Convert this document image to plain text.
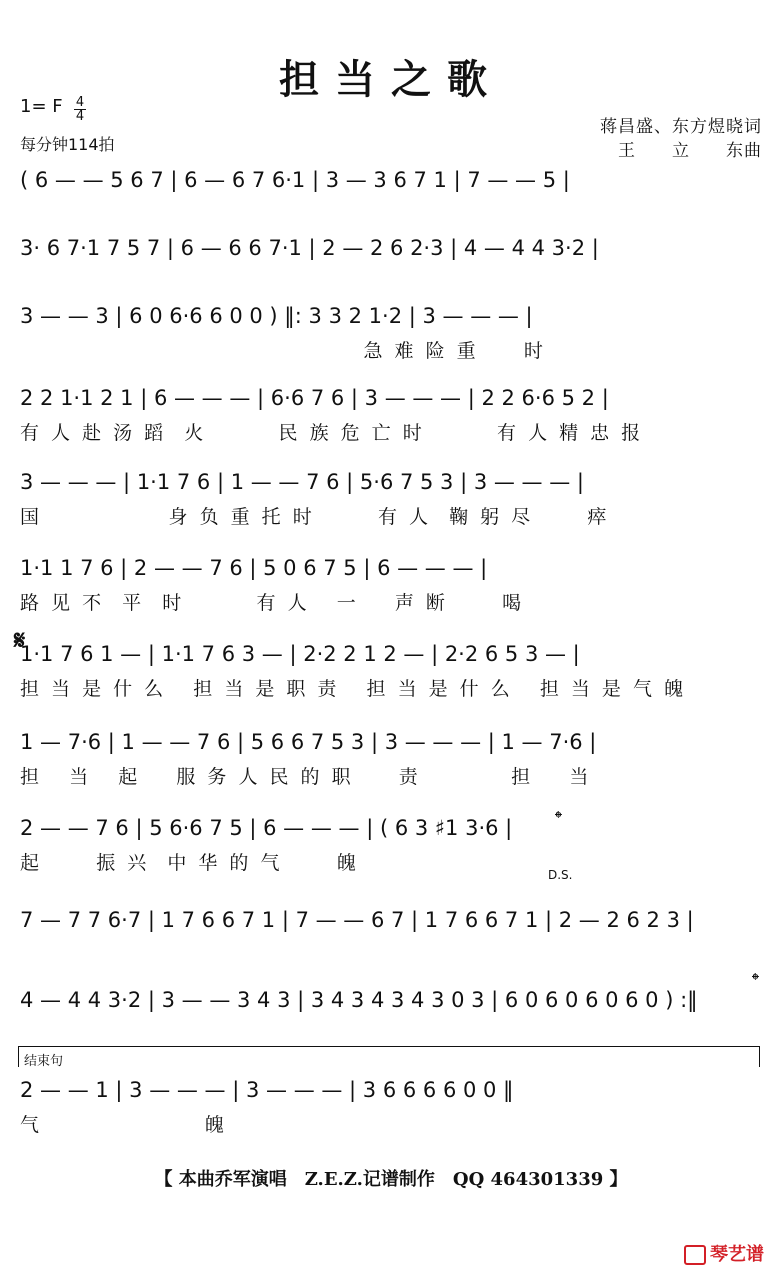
担当之歌
1= F 4
4
每分钟114拍
蒋昌盛、东方煜晓词
王　　立　　东曲
( 6 — — 5 6 7 | 6 — 6 7 6·1 | 3 — 3 6 7 1 | 7 — — 5 |
3· 6 7·1 7 5 7 | 6 — 6 6 7·1 | 2 — 2 6 2·3 | 4 — 4 4 3·2 |
3 — — 3 | 6 0 6·6 6 0 0 ) ‖: 3 3 2 1·2 | 3 — — — |
急 难 险 重     时
2 2 1·1 2 1 | 6 — — — | 6·6 7 6 | 3 — — — | 2 2 6·6 5 2 |
有 人 赴 汤 蹈  火        民 族 危 亡 时        有 人 精 忠 报
3 — — — | 1·1 7 6 | 1 — — 7 6 | 5·6 7 5 3 | 3 — — — |
国              身 负 重 托 时       有 人  鞠 躬 尽      瘁
1·1 1 7 6 | 2 — — 7 6 | 5 0 6 7 5 | 6 — — — |
路 见 不  平  时        有 人   一    声 断      喝
1·1 7 6 1 — | 1·1 7 6 3 — | 2·2 2 1 2 — | 2·2 6 5 3 — |
担 当 是 什 么   担 当 是 职 责   担 当 是 什 么   担 当 是 气 魄
1 — 7·6 | 1 — — 7 6 | 5 6 6 7 5 3 | 3 — — — | 1 — 7·6 |
担   当   起    服 务 人 民 的 职     责          担    当
2 — — 7 6 | 5 6·6 7 5 | 6 — — — | ( 6 3 ♯1 3·6 |
起      振 兴  中 华 的 气      魄
7 — 7 7 6·7 | 1 7 6 6 7 1 | 7 — — 6 7 | 1 7 6 6 7 1 | 2 — 2 6 2 3 |
4 — 4 4 3·2 | 3 — — 3 4 3 | 3 4 3 4 3 4 3 0 3 | 6 0 6 0 6 0 6 0 ) :‖
2 — — 1 | 3 — — — | 3 — — — | 3 6 6 6 6 0 0 ‖
气                  魄
𝄋
𝄌
D.S.
𝄌
结束句
【 本曲乔军演唱　Z.E.Z.记谱制作　QQ 464301339 】
琴艺谱
